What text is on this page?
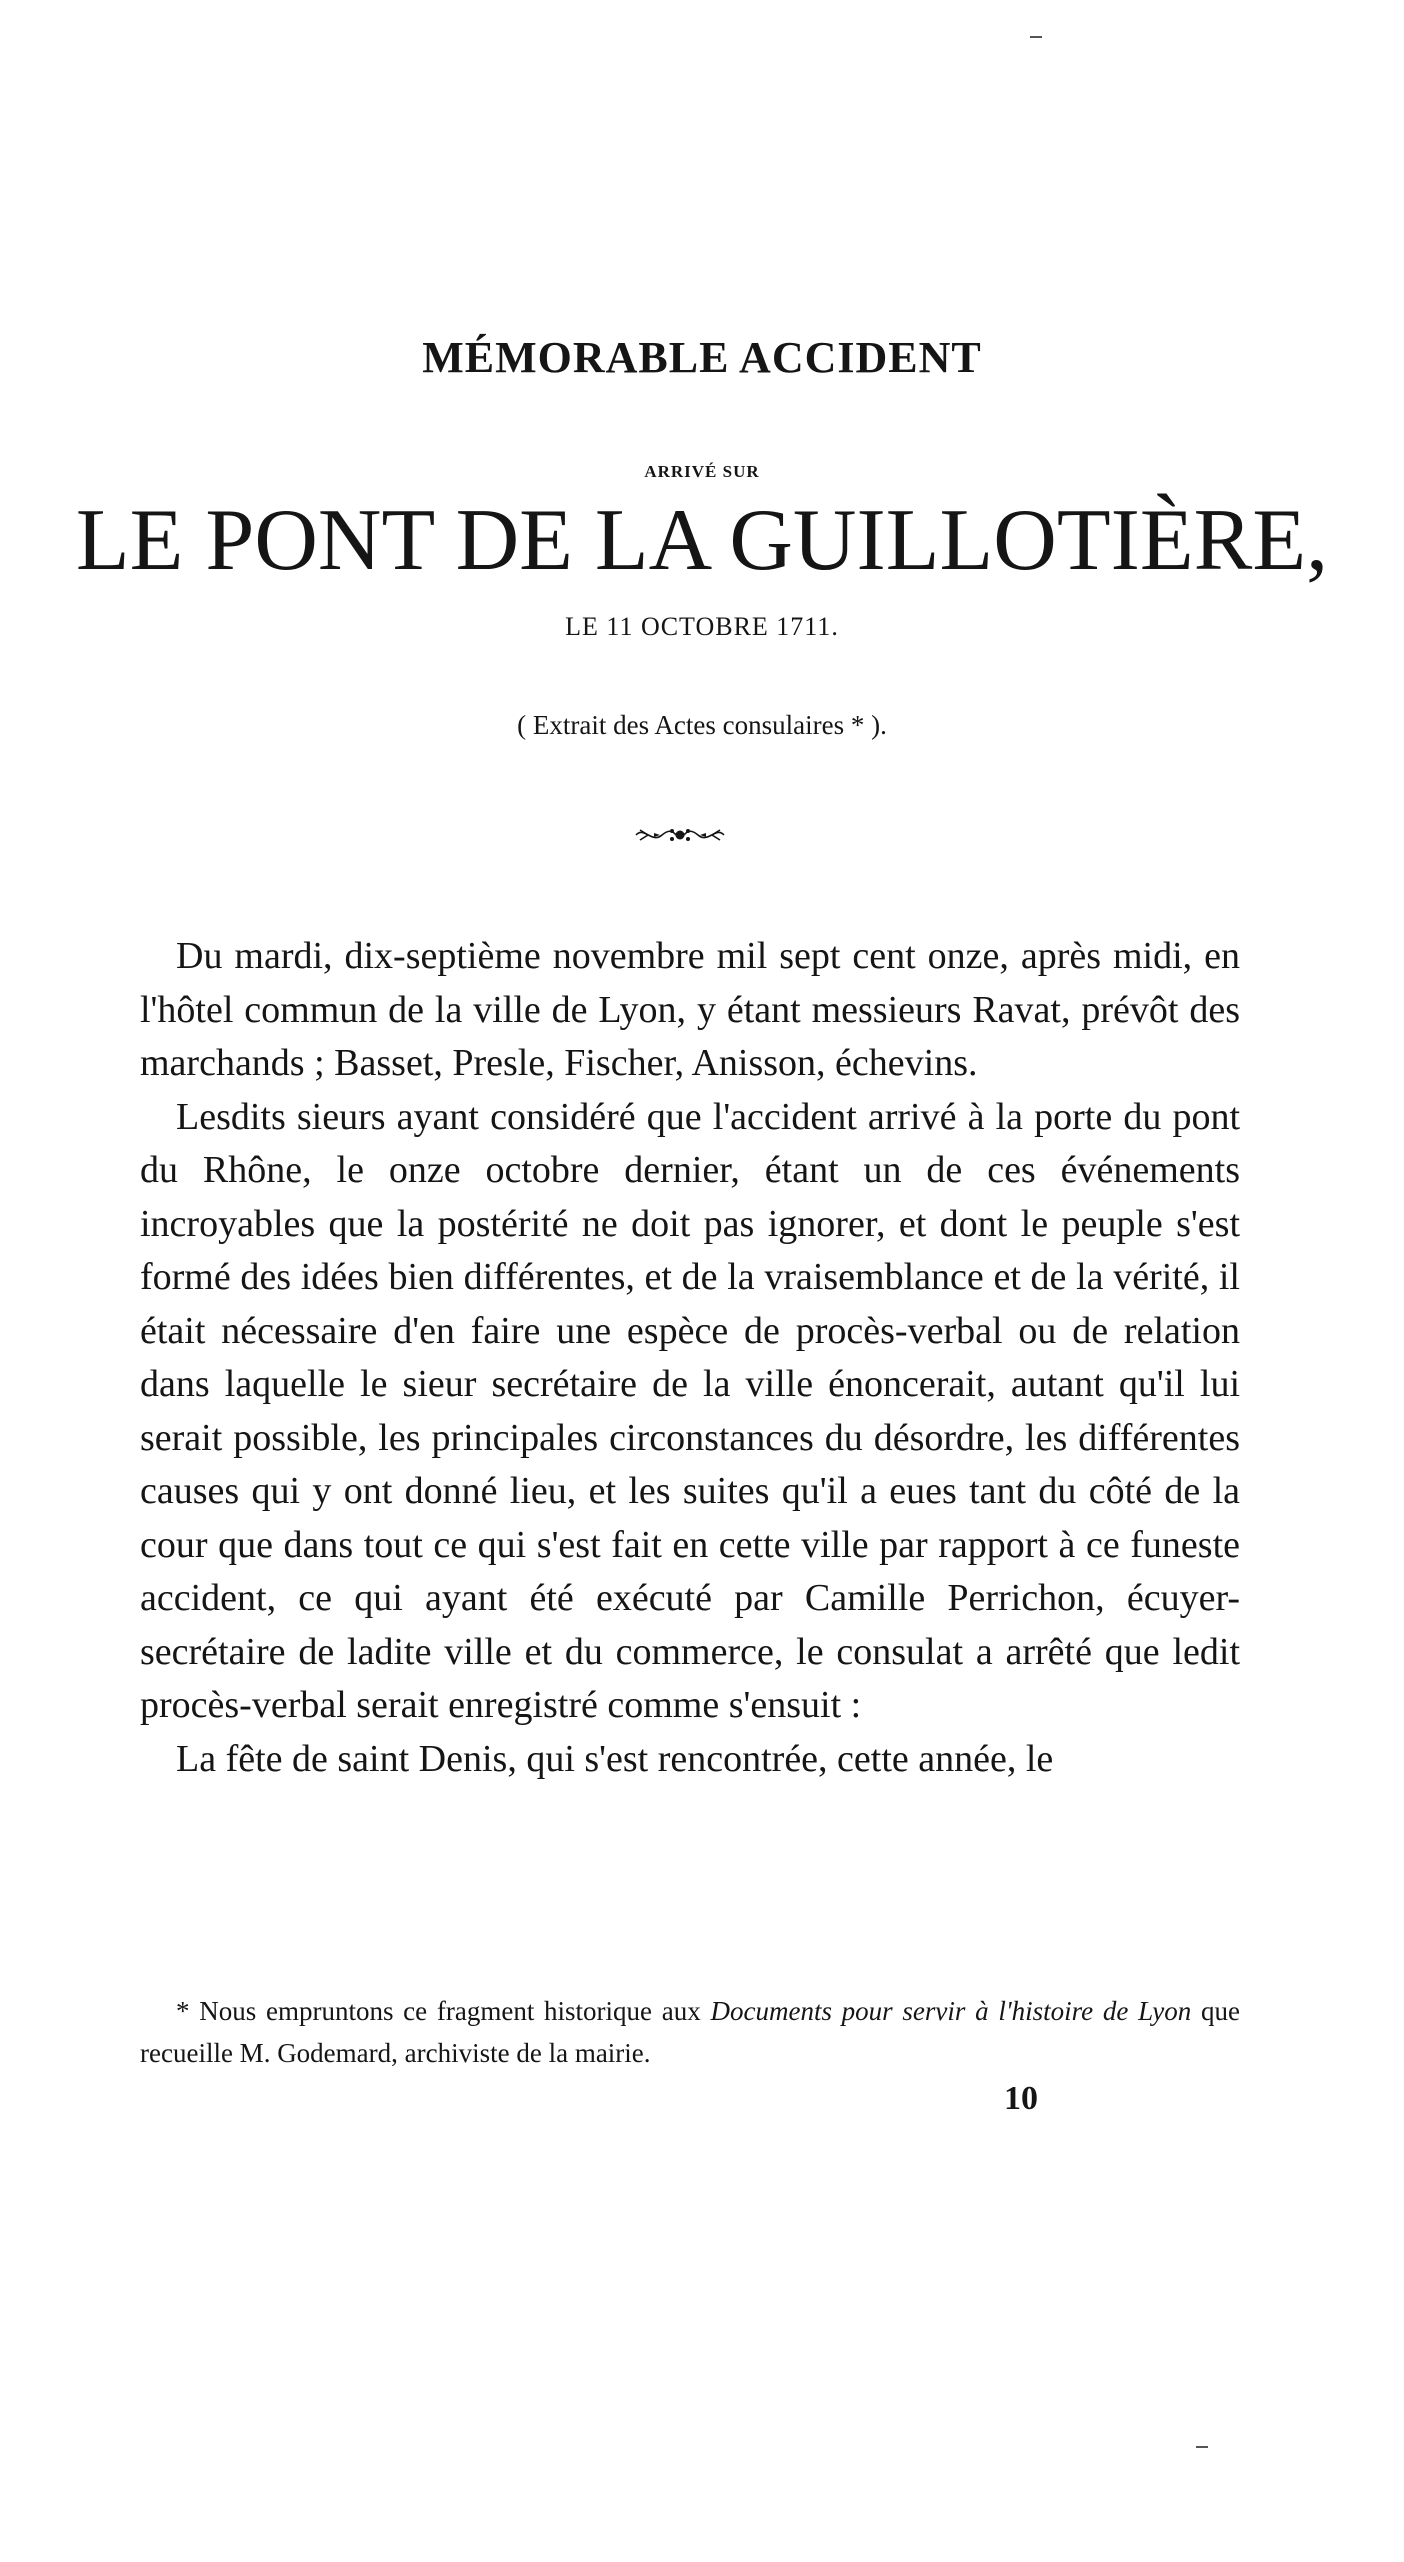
MÉMORABLE ACCIDENT
ARRIVÉ SUR
LE PONT DE LA GUILLOTIÈRE,
LE 11 OCTOBRE 1711.
( Extrait des Actes consulaires * ).

Du mardi, dix-septième novembre mil sept cent onze, après midi, en l'hôtel commun de la ville de Lyon, y étant messieurs Ravat, prévôt des marchands ; Basset, Presle, Fischer, Anisson, échevins.

Lesdits sieurs ayant considéré que l'accident arrivé à la porte du pont du Rhône, le onze octobre dernier, étant un de ces événements incroyables que la postérité ne doit pas ignorer, et dont le peuple s'est formé des idées bien différentes, et de la vraisemblance et de la vérité, il était nécessaire d'en faire une espèce de procès-verbal ou de relation dans laquelle le sieur secrétaire de la ville énoncerait, autant qu'il lui serait possible, les principales circonstances du désordre, les différentes causes qui y ont donné lieu, et les suites qu'il a eues tant du côté de la cour que dans tout ce qui s'est fait en cette ville par rapport à ce funeste accident, ce qui ayant été exécuté par Camille Perrichon, écuyer-secrétaire de ladite ville et du commerce, le consulat a arrêté que ledit procès-verbal serait enregistré comme s'ensuit :

La fête de saint Denis, qui s'est rencontrée, cette année, le

* Nous empruntons ce fragment historique aux Documents pour servir à l'histoire de Lyon que recueille M. Godemard, archiviste de la mairie.

10
